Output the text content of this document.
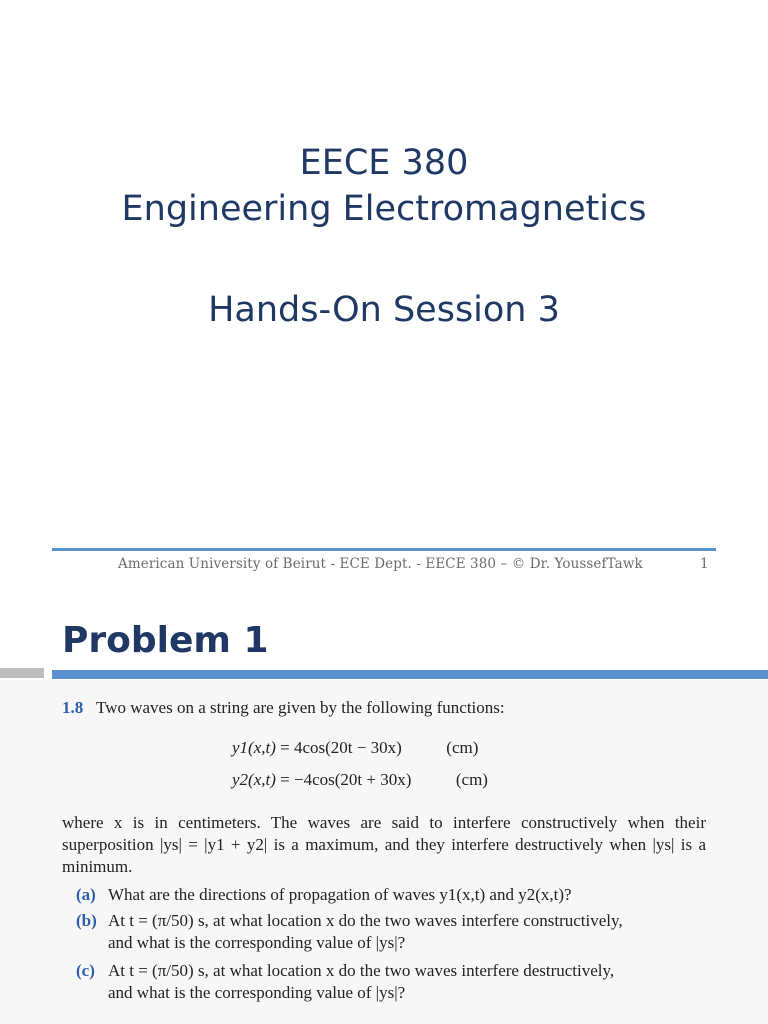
EECE 380

Engineering Electromagnetics

Hands-On Session 3

American University of Beirut - ECE Dept. - EECE 380 – © Dr. YoussefTawk	1
Problem 1
1.8 Two waves on a string are given by the following functions:
y1(x,t) = 4cos(20t − 30x)	(cm)
y2(x,t) = −4cos(20t + 30x)	(cm)

where x is in centimeters. The waves are said to interfere constructively when their superposition |ys| = |y1 + y2| is a maximum, and they interfere destructively when |ys| is a minimum.

(a) What are the directions of propagation of waves y1(x,t) and y2(x,t)?
(b) At t = (π/50) s, at what location x do the two waves interfere constructively,
and what is the corresponding value of |ys|?
(c) At t = (π/50) s, at what location x do the two waves interfere destructively,
and what is the corresponding value of |ys|?
